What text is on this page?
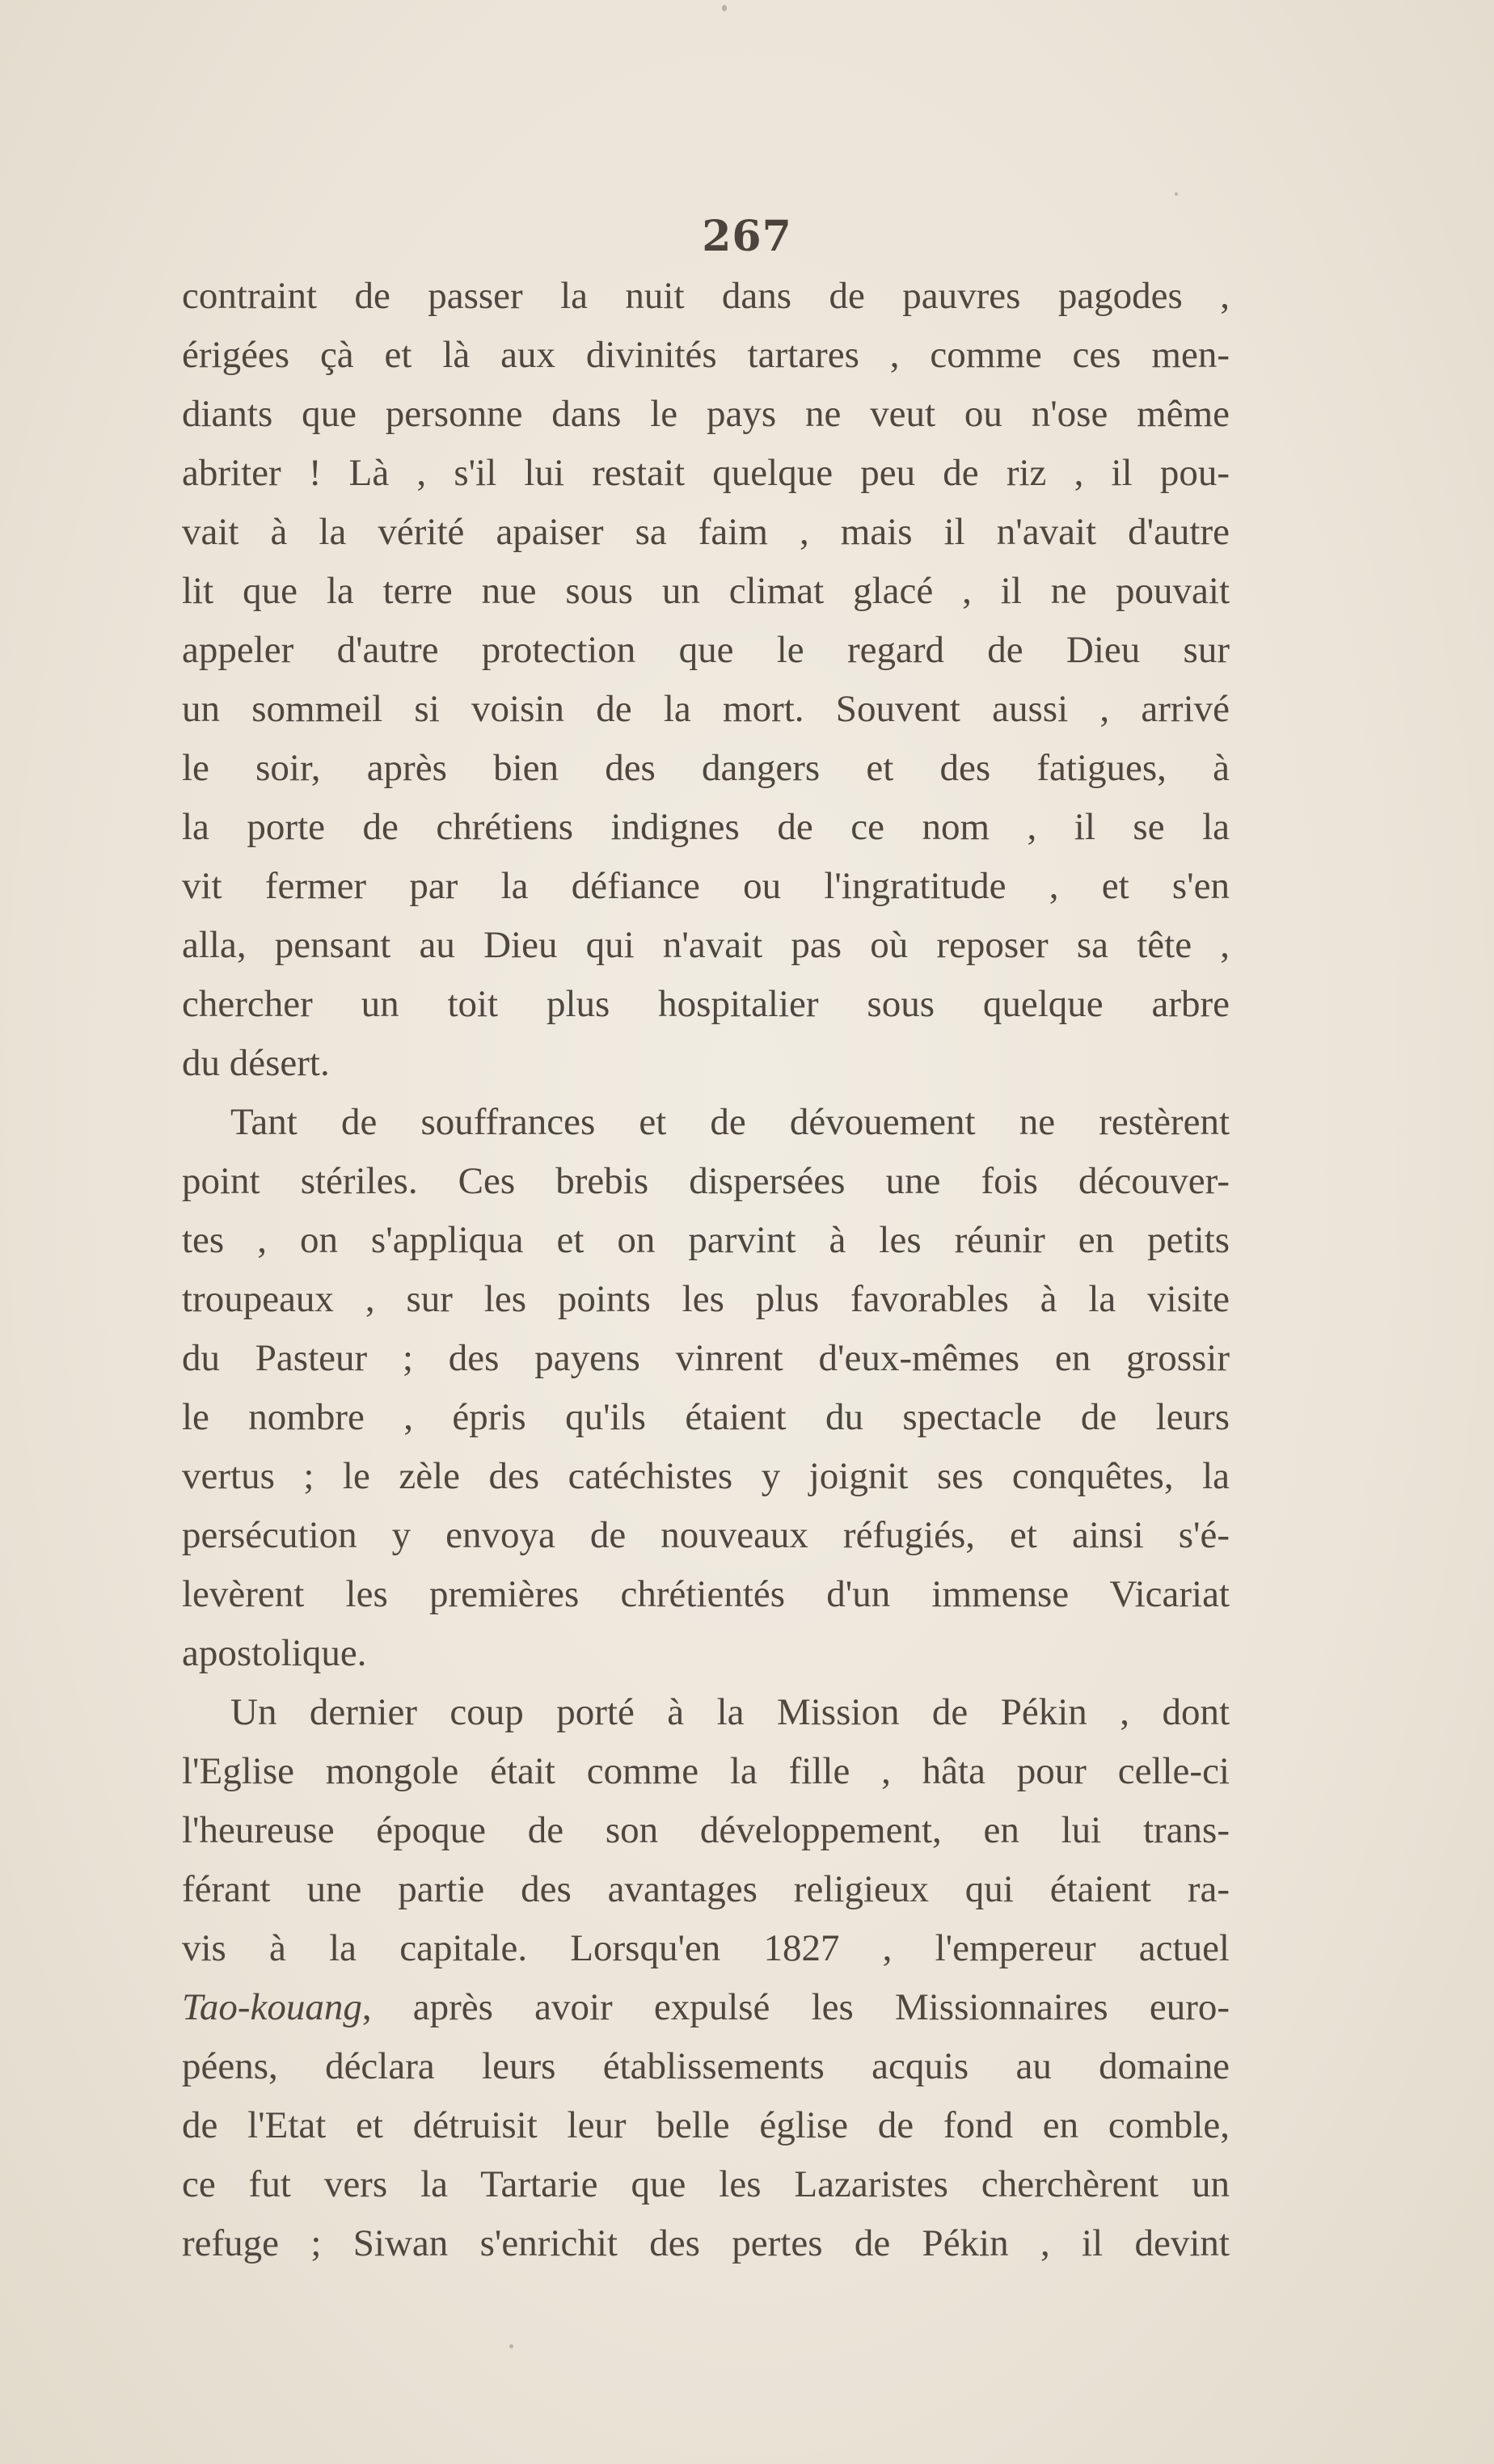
267
contraint de passer la nuit dans de pauvres pagodes ,
érigées çà et là aux divinités tartares , comme ces men-
diants que personne dans le pays ne veut ou n'ose même
abriter ! Là , s'il lui restait quelque peu de riz , il pou-
vait à la vérité apaiser sa faim , mais il n'avait d'autre
lit que la terre nue sous un climat glacé , il ne pouvait
appeler d'autre protection que le regard de Dieu sur
un sommeil si voisin de la mort. Souvent aussi , arrivé
le soir, après bien des dangers et des fatigues, à
la porte de chrétiens indignes de ce nom , il se la
vit fermer par la défiance ou l'ingratitude , et s'en
alla, pensant au Dieu qui n'avait pas où reposer sa tête ,
chercher un toit plus hospitalier sous quelque arbre
du désert.
Tant de souffrances et de dévouement ne restèrent
point stériles. Ces brebis dispersées une fois découver-
tes , on s'appliqua et on parvint à les réunir en petits
troupeaux , sur les points les plus favorables à la visite
du Pasteur ; des payens vinrent d'eux-mêmes en grossir
le nombre , épris qu'ils étaient du spectacle de leurs
vertus ; le zèle des catéchistes y joignit ses conquêtes, la
persécution y envoya de nouveaux réfugiés, et ainsi s'é-
levèrent les premières chrétientés d'un immense Vicariat
apostolique.
Un dernier coup porté à la Mission de Pékin , dont
l'Eglise mongole était comme la fille , hâta pour celle-ci
l'heureuse époque de son développement, en lui trans-
férant une partie des avantages religieux qui étaient ra-
vis à la capitale. Lorsqu'en 1827 , l'empereur actuel
Tao-kouang, après avoir expulsé les Missionnaires euro-
péens, déclara leurs établissements acquis au domaine
de l'Etat et détruisit leur belle église de fond en comble,
ce fut vers la Tartarie que les Lazaristes cherchèrent un
refuge ; Siwan s'enrichit des pertes de Pékin , il devint
